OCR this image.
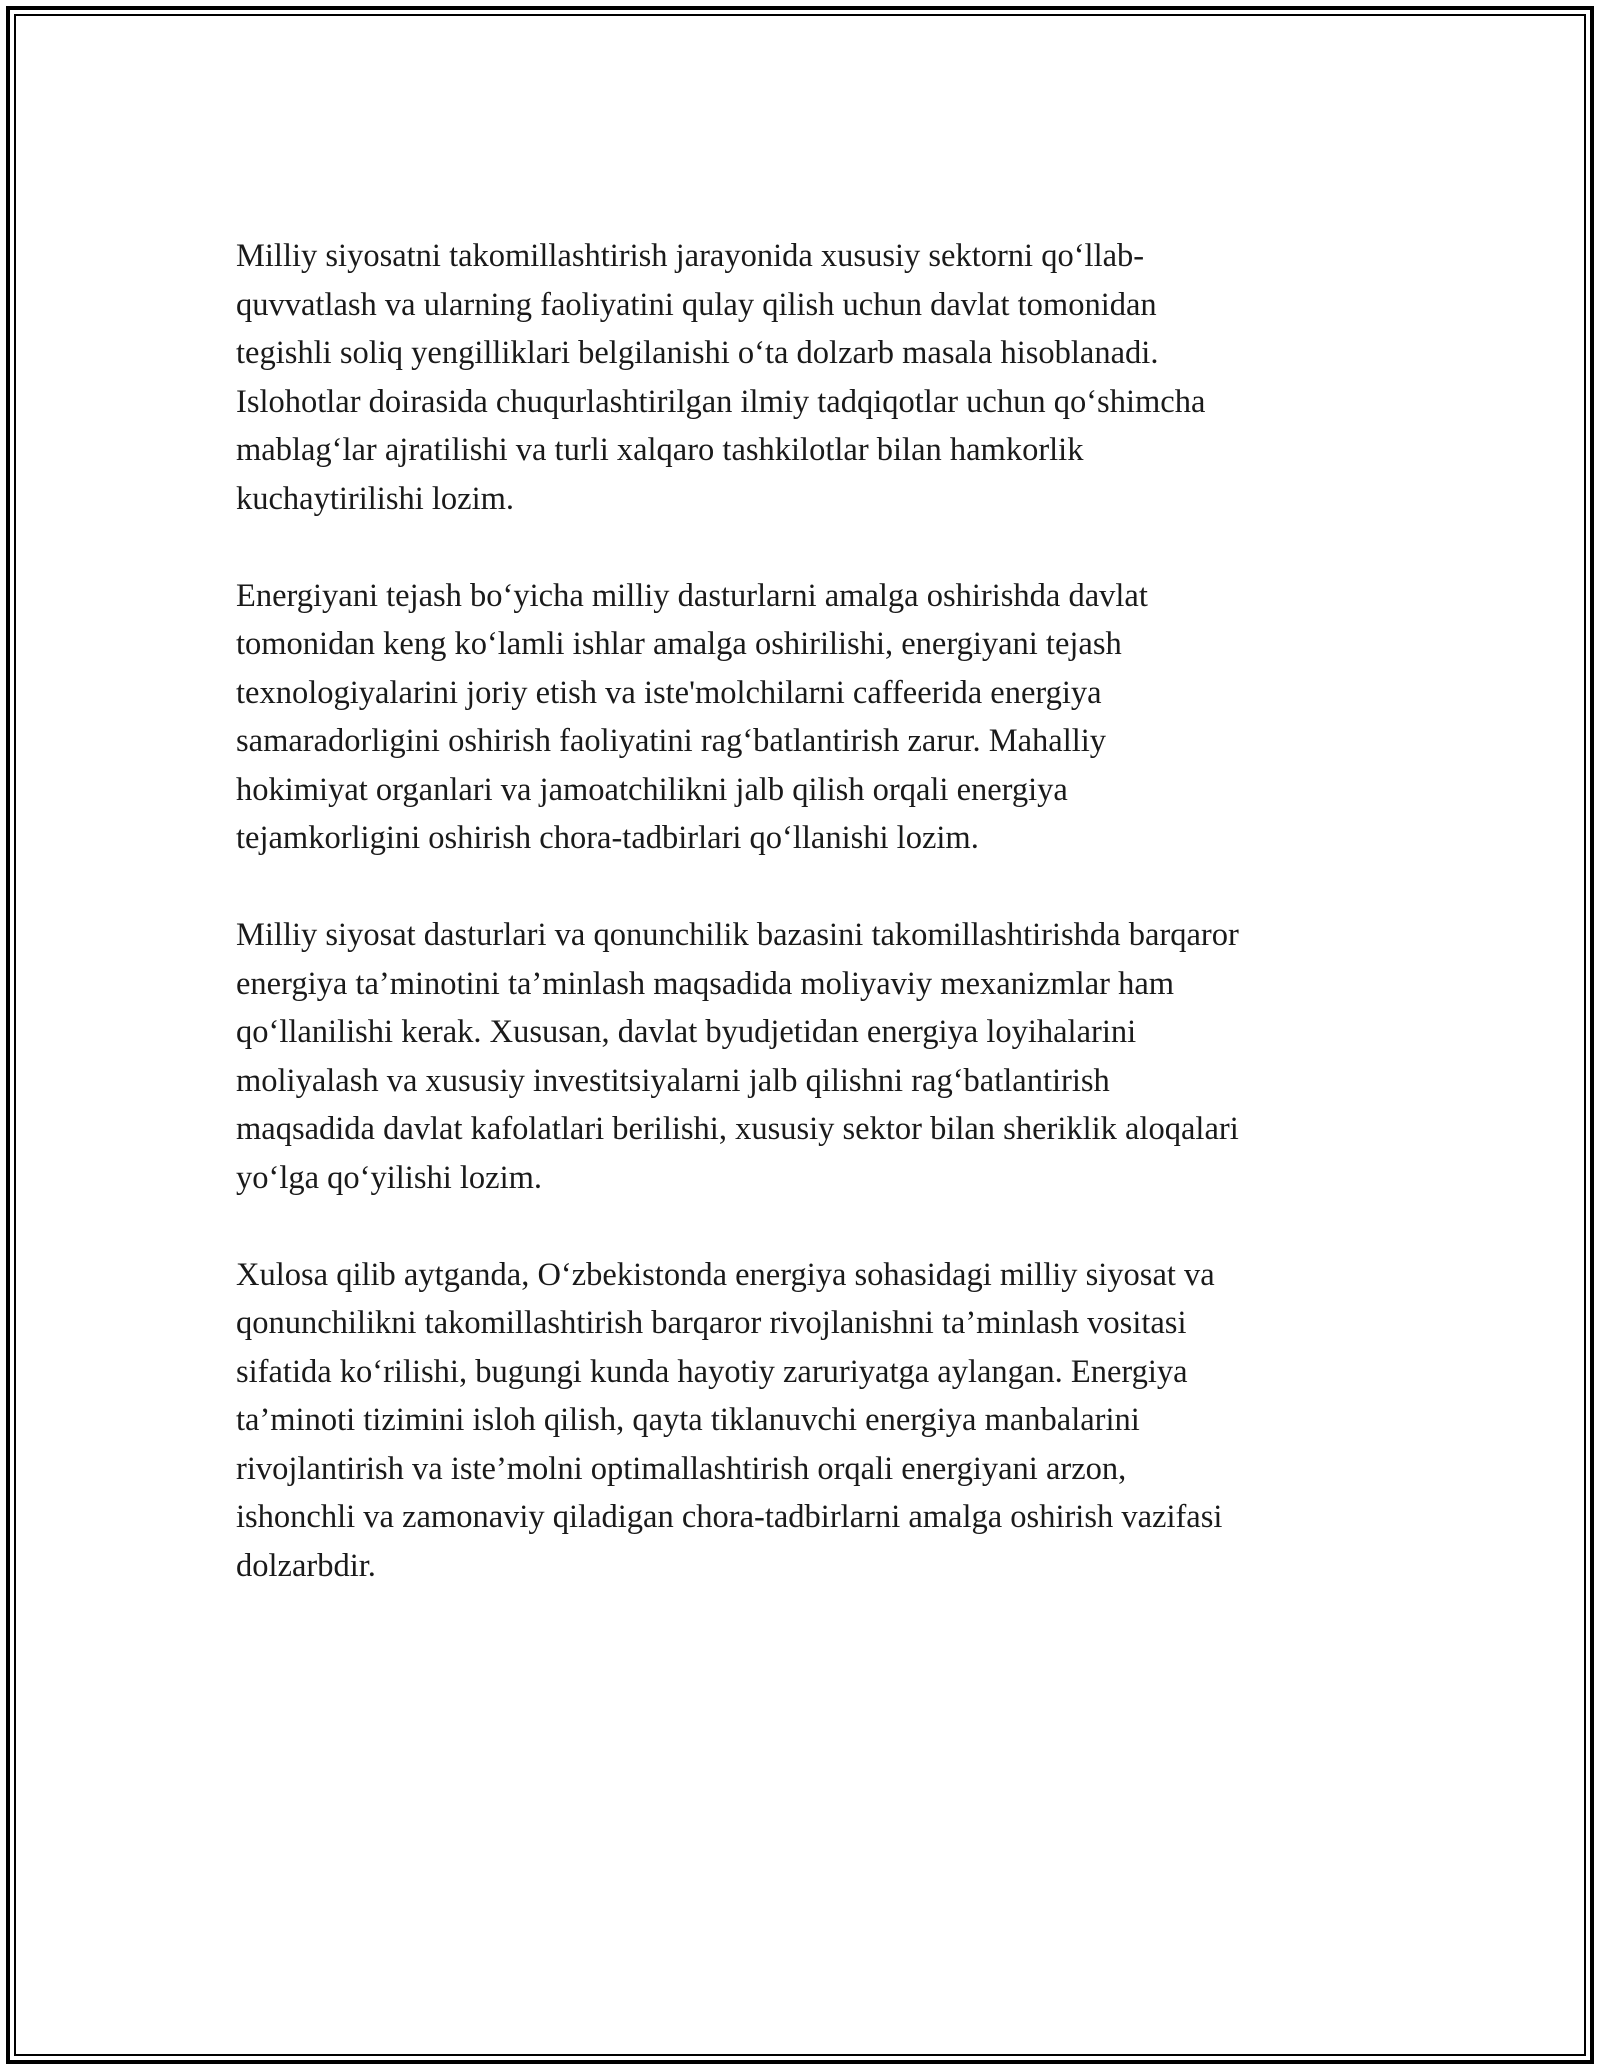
Milliy siyosatni takomillashtirish jarayonida xususiy sektorni qo‘llab-
quvvatlash va ularning faoliyatini qulay qilish uchun davlat tomonidan
tegishli soliq yengilliklari belgilanishi o‘ta dolzarb masala hisoblanadi.
Islohotlar doirasida chuqurlashtirilgan ilmiy tadqiqotlar uchun qo‘shimcha
mablag‘lar ajratilishi va turli xalqaro tashkilotlar bilan hamkorlik
kuchaytirilishi lozim.

Energiyani tejash bo‘yicha milliy dasturlarni amalga oshirishda davlat
tomonidan keng ko‘lamli ishlar amalga oshirilishi, energiyani tejash
texnologiyalarini joriy etish va iste'molchilarni caffeerida energiya
samaradorligini oshirish faoliyatini rag‘batlantirish zarur. Mahalliy
hokimiyat organlari va jamoatchilikni jalb qilish orqali energiya
tejamkorligini oshirish chora-tadbirlari qo‘llanishi lozim.

Milliy siyosat dasturlari va qonunchilik bazasini takomillashtirishda barqaror
energiya ta’minotini ta’minlash maqsadida moliyaviy mexanizmlar ham
qo‘llanilishi kerak. Xususan, davlat byudjetidan energiya loyihalarini
moliyalash va xususiy investitsiyalarni jalb qilishni rag‘batlantirish
maqsadida davlat kafolatlari berilishi, xususiy sektor bilan sheriklik aloqalari
yo‘lga qo‘yilishi lozim.

Xulosa qilib aytganda, O‘zbekistonda energiya sohasidagi milliy siyosat va
qonunchilikni takomillashtirish barqaror rivojlanishni ta’minlash vositasi
sifatida ko‘rilishi, bugungi kunda hayotiy zaruriyatga aylangan. Energiya
ta’minoti tizimini isloh qilish, qayta tiklanuvchi energiya manbalarini
rivojlantirish va iste’molni optimallashtirish orqali energiyani arzon,
ishonchli va zamonaviy qiladigan chora-tadbirlarni amalga oshirish vazifasi
dolzarbdir.
